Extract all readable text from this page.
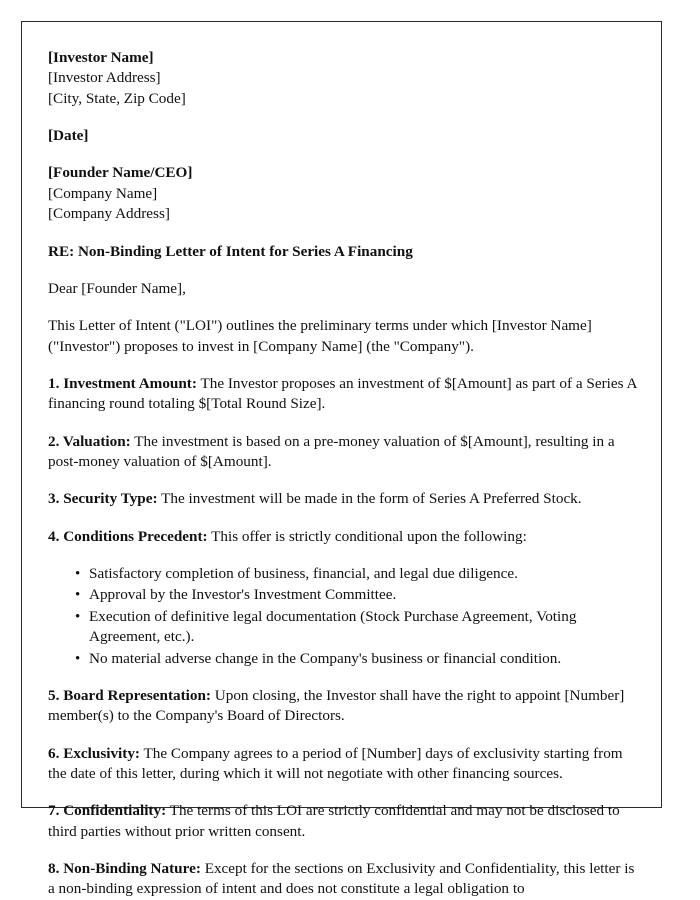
[Investor Name]
[Investor Address]
[City, State, Zip Code]
[Date]
[Founder Name/CEO]
[Company Name]
[Company Address]

RE: Non-Binding Letter of Intent for Series A Financing

Dear [Founder Name],

This Letter of Intent ("LOI") outlines the preliminary terms under which [Investor Name] ("Investor") proposes to invest in [Company Name] (the "Company").

1. Investment Amount: The Investor proposes an investment of $[Amount] as part of a Series A financing round totaling $[Total Round Size].

2. Valuation: The investment is based on a pre-money valuation of $[Amount], resulting in a post-money valuation of $[Amount].

3. Security Type: The investment will be made in the form of Series A Preferred Stock.

4. Conditions Precedent: This offer is strictly conditional upon the following:

• Satisfactory completion of business, financial, and legal due diligence.
• Approval by the Investor's Investment Committee.
• Execution of definitive legal documentation (Stock Purchase Agreement, Voting Agreement, etc.).
• No material adverse change in the Company's business or financial condition.

5. Board Representation: Upon closing, the Investor shall have the right to appoint [Number] member(s) to the Company's Board of Directors.

6. Exclusivity: The Company agrees to a period of [Number] days of exclusivity starting from the date of this letter, during which it will not negotiate with other financing sources.

7. Confidentiality: The terms of this LOI are strictly confidential and may not be disclosed to third parties without prior written consent.

8. Non-Binding Nature: Except for the sections on Exclusivity and Confidentiality, this letter is a non-binding expression of intent and does not constitute a legal obligation to
